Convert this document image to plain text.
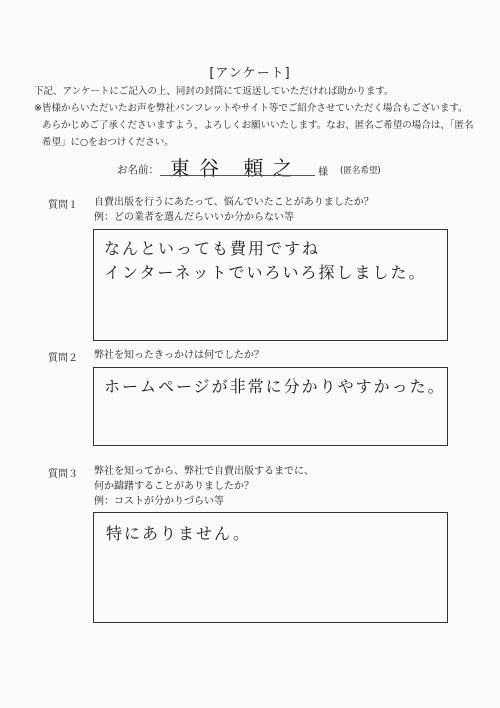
[アンケート]
下記、アンケートにご記入の上、同封の封筒にて返送していただければ助かります。
※皆様からいただいたお声を弊社パンフレットやサイト等でご紹介させていただく場合もございます。
あらかじめご了承くださいますよう、よろしくお願いいたします。なお、匿名ご希望の場合は、「匿名
希望」に○をおつけください。
お名前： 東谷 頼之 様 (匿名希望)
質問１ 自費出版を行うにあたって、悩んでいたことがありましたか？
例：どの業者を選んだらいいか分からない等
なんといっても費用ですね
インターネットでいろいろ探しました。
質問２ 弊社を知ったきっかけは何でしたか？
ホームページが非常に分かりやすかった。
質問３ 弊社を知ってから、弊社で自費出版するまでに、
何か躊躇することがありましたか？
例：コストが分かりづらい等
特にありません。
